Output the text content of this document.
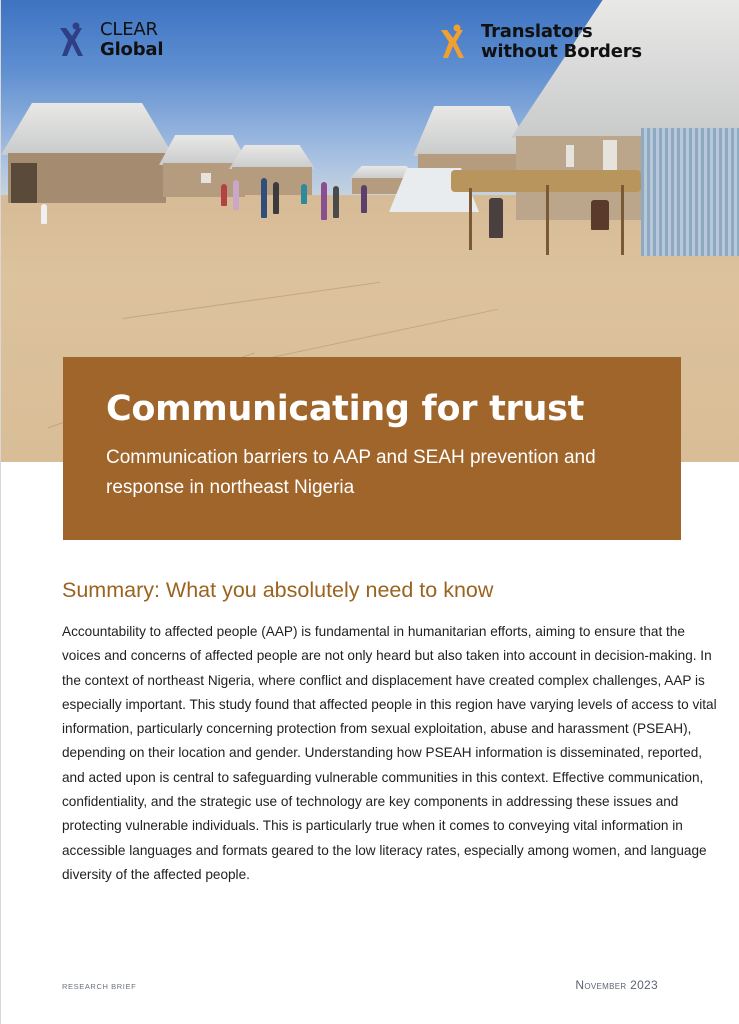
CLEAR
Global
Translators
without Borders
Communicating for trust
Communication barriers to AAP and SEAH prevention and response in northeast Nigeria
Summary: What you absolutely need to know
Accountability to affected people (AAP) is fundamental in humanitarian efforts, aiming to ensure that the voices and concerns of affected people are not only heard but also taken into account in decision-making. In the context of northeast Nigeria, where conflict and displacement have created complex challenges, AAP is especially important. This study found that affected people in this region have varying levels of access to vital information, particularly concerning protection from sexual exploitation, abuse and harassment (PSEAH), depending on their location and gender. Understanding how PSEAH information is disseminated, reported, and acted upon is central to safeguarding vulnerable communities in this context. Effective communication, confidentiality, and the strategic use of technology are key components in addressing these issues and protecting vulnerable individuals. This is particularly true when it comes to conveying vital information in accessible languages and formats geared to the low literacy rates, especially among women, and language diversity of the affected people.
RESEARCH BRIEF	November 2023
